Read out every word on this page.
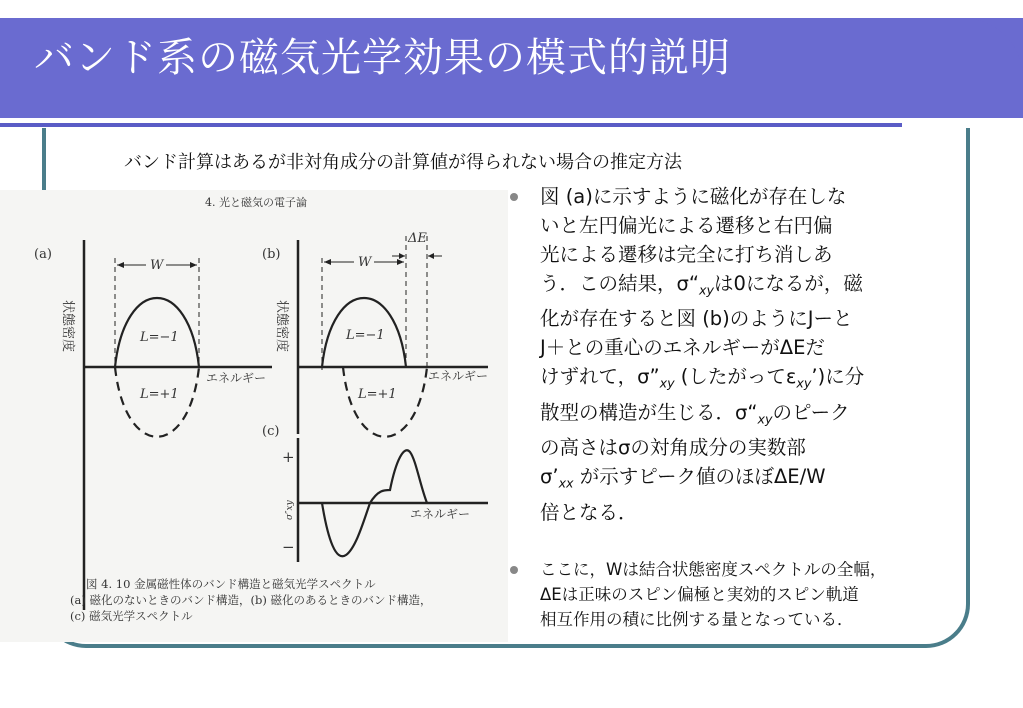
バンド系の磁気光学効果の模式的説明
バンド計算はあるが非対角成分の計算値が得られない場合の推定方法
4. 光と磁気の電子論
(a)
W
L=−1
L=+1
状態密度
エネルギー
(b)
W
ΔE
L=−1
L=+1
状態密度
エネルギー
(c)
+
−
σ″xy	エネルギー
図 4. 10 金属磁性体のバンド構造と磁気光学スペクトル
(a) 磁化のないときのバンド構造，(b) 磁化のあるときのバンド構造，
(c) 磁気光学スペクトル
図 (a)に示すように磁化が存在しな
いと左円偏光による遷移と右円偏
光による遷移は完全に打ち消しあ
う．この結果，$\sigma“_{xy}$は0になるが，磁
化が存在すると図 (b)のようにJーと
J＋との重心のエネルギーがΔEだ
けずれて，$\sigma”_{xy}$ (したがって$\varepsilon_{xy}$’)に分
散型の構造が生じる．$\sigma“_{xy}$のピーク
の高さはσの対角成分の実数部
$\sigma’_{xx}$ が示すピーク値のほぼΔE/W
倍となる．
ここに，Wは結合状態密度スペクトルの全幅，
ΔEは正味のスピン偏極と実効的スピン軌道
相互作用の積に比例する量となっている．
